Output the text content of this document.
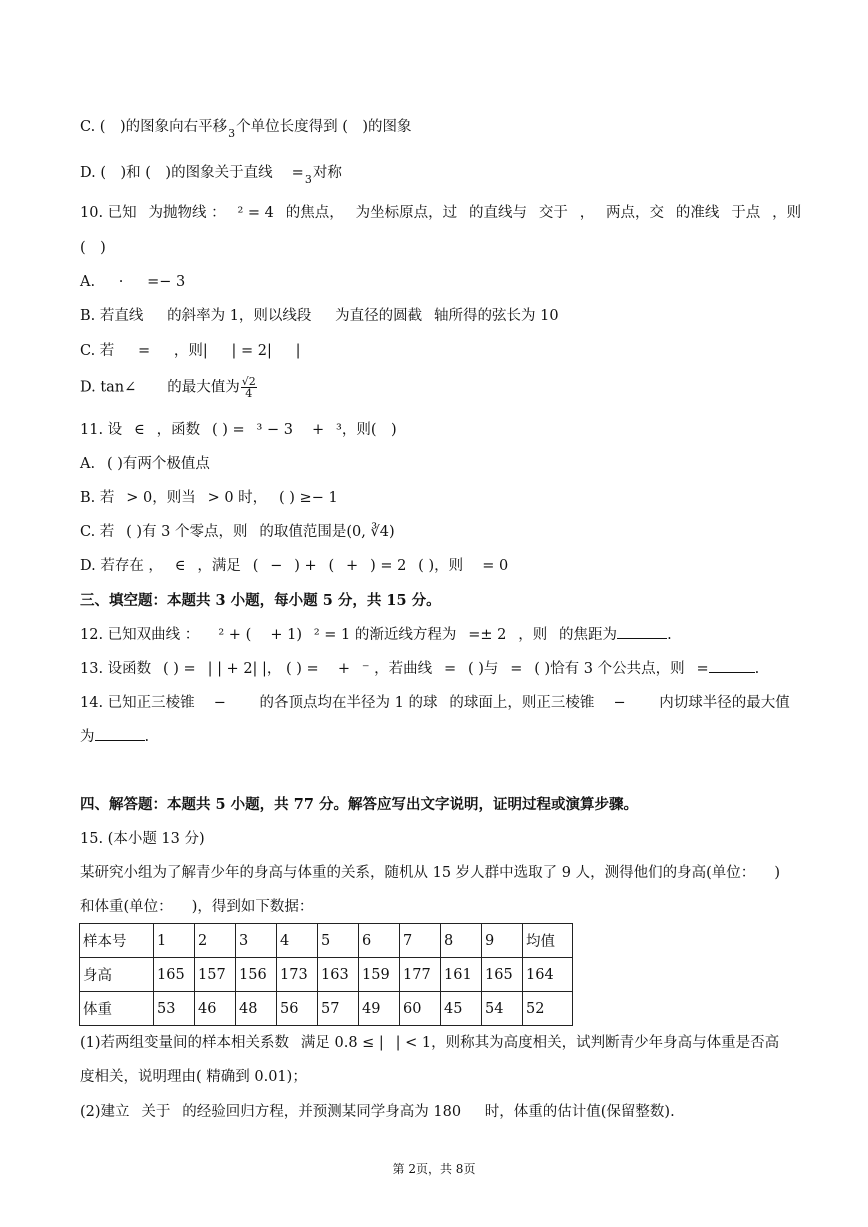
C. ( )的图象向右平移3个单位长度得到 ( )的图象
D. ( )和 ( )的图象关于直线  =3对称
10. 已知  为抛物线 ：  ² = 4  的焦点，  为坐标原点，过  的直线与  交于  ，  两点，交  的准线  于点  ，则
( )
A.   ·   =− 3
B. 若直线   的斜率为 1，则以线段   为直径的圆截  轴所得的弦长为 10
C. 若   =   ，则|   | = 2|   |
D. tan∠    的最大值为 $\frac{√2}{4}$
11. 设  ∈  ，函数  ( ) =  ³ − 3  +  ³，则( )
A.  ( )有两个极值点
B. 若  > 0，则当  > 0 时，  ( ) ≥− 1
C. 若  ( )有 3 个零点，则  的取值范围是(0, ∛4)
D. 若存在 ，  ∈  ，满足  (  −  ) +  (  +  ) = 2  ( )，则  = 0
三、填空题：本题共 3 小题，每小题 5 分，共 15 分。
12. 已知双曲线 ：  ² + (  + 1)  ² = 1 的渐近线方程为  =± 2  ，则  的焦距为	.
13. 设函数  ( ) =  | | + 2| |， ( ) =  +  ⁻ ，若曲线  =  ( )与  =  ( )恰有 3 个公共点，则  =	.
14. 已知正三棱锥  −   的各顶点均在半径为 1 的球  的球面上，则正三棱锥  −   内切球半径的最大值
为	.
四、解答题：本题共 5 小题，共 77 分。解答应写出文字说明，证明过程或演算步骤。
15. (本小题 13 分)
某研究小组为了解青少年的身高与体重的关系，随机从 15 岁人群中选取了 9 人，测得他们的身高(单位：  )
和体重(单位：  )，得到如下数据：
样本号	1	2	3	4	5	6	7	8	9	均值
身高	165	157	156	173	163	159	177	161	165	164
体重	53	46	48	56	57	49	60	45	54	52
(1)若两组变量间的样本相关系数  满足 0.8 ≤ |  | < 1，则称其为高度相关，试判断青少年身高与体重是否高
度相关，说明理由( 精确到 0.01)；
(2)建立  关于  的经验回归方程，并预测某同学身高为 180   时，体重的估计值(保留整数).
第 2页，共 8页
